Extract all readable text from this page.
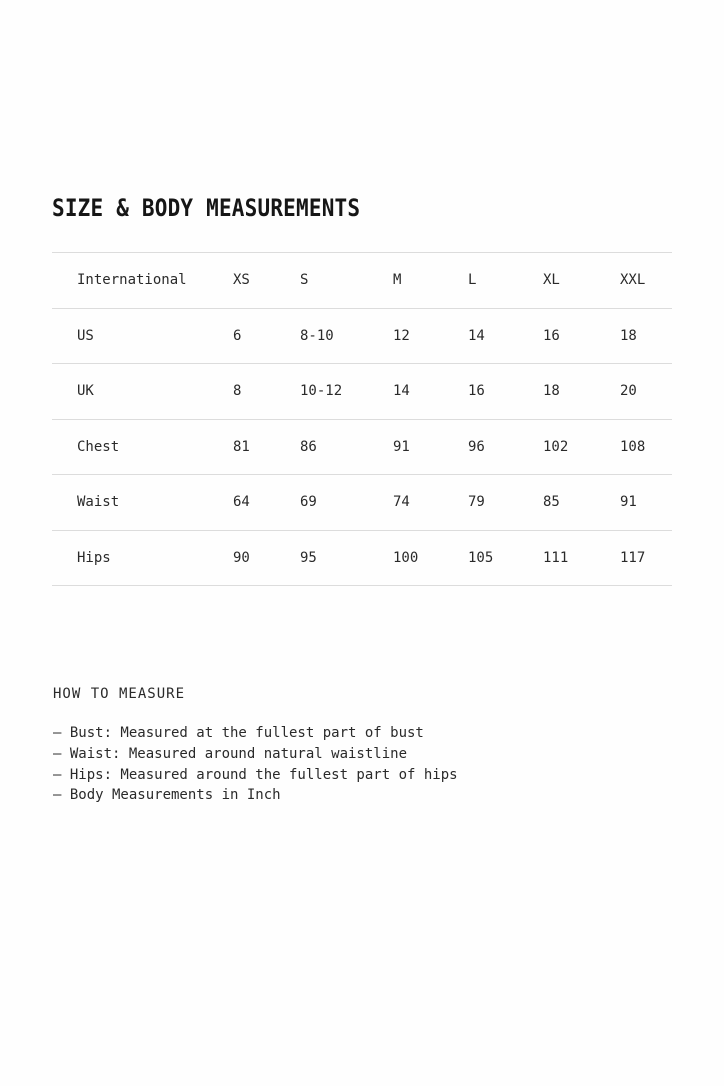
SIZE & BODY MEASUREMENTS
International	XS	S	M	L	XL	XXL
US	6	8-10	12	14	16	18
UK	8	10-12	14	16	18	20
Chest	81	86	91	96	102	108
Waist	64	69	74	79	85	91
Hips	90	95	100	105	111	117
HOW TO MEASURE
— Bust: Measured at the fullest part of bust
— Waist: Measured around natural waistline
— Hips: Measured around the fullest part of hips
— Body Measurements in Inch
